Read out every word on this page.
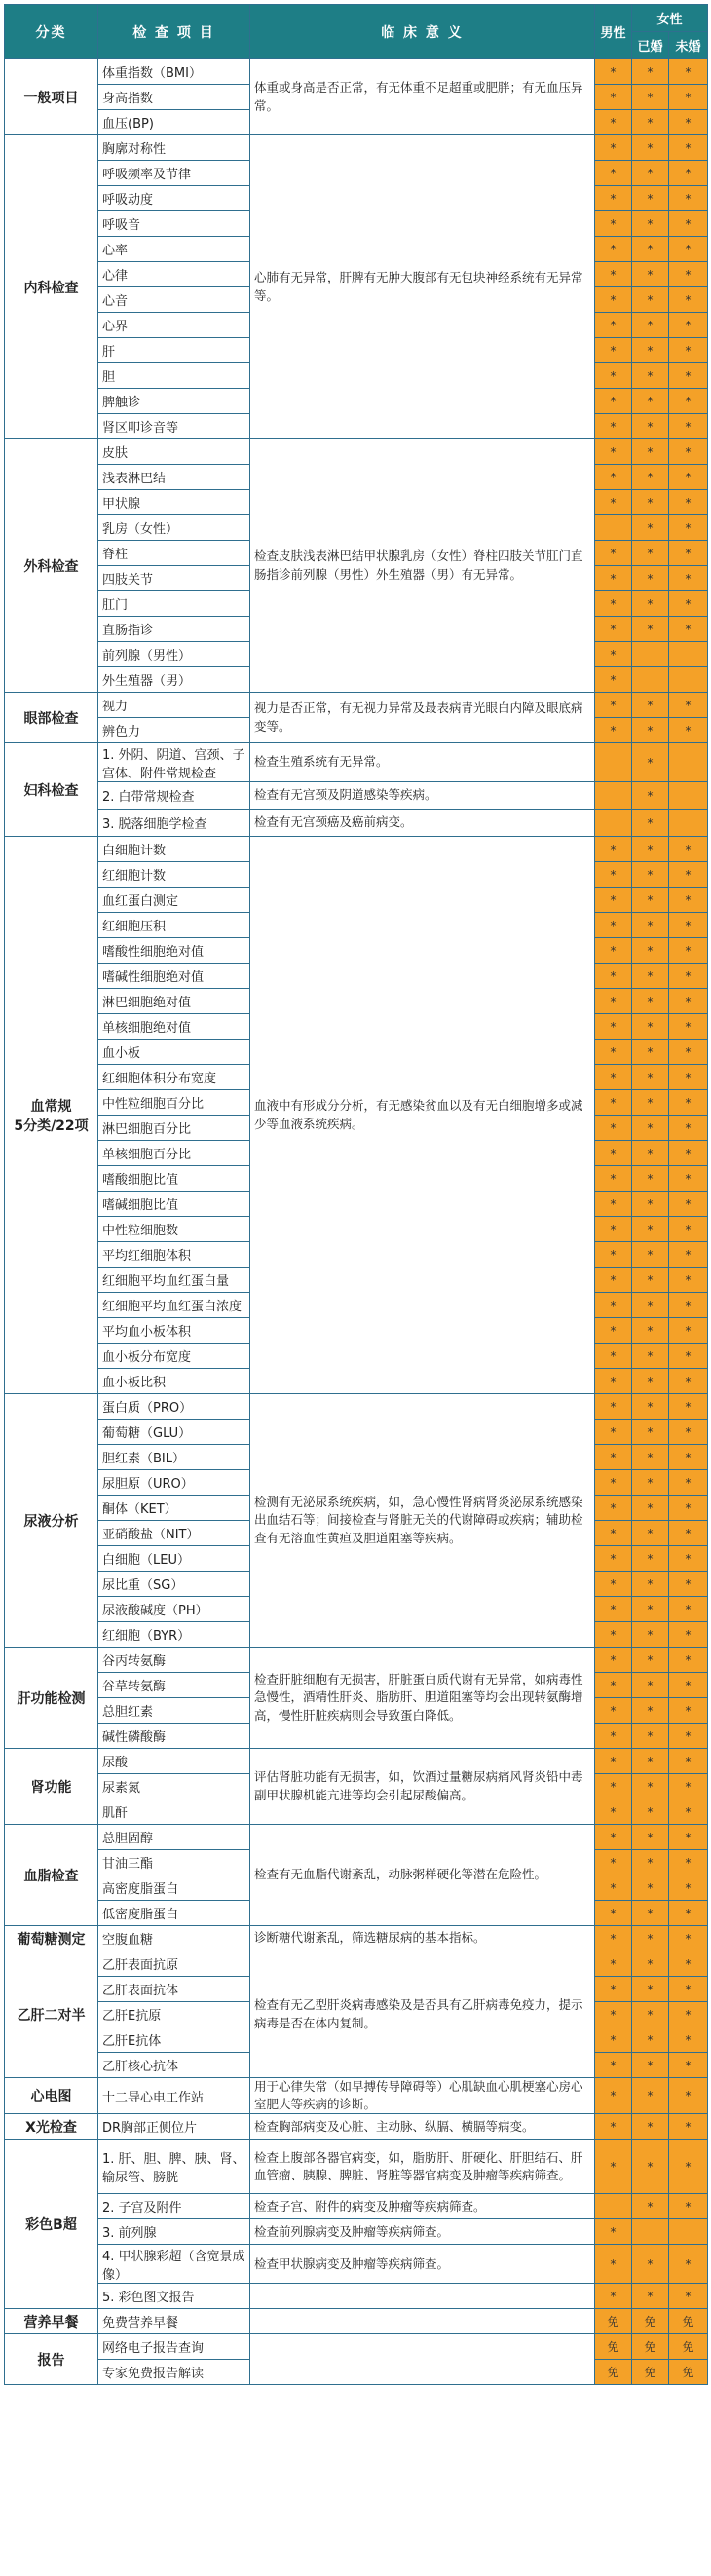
分类	检 查 项 目	临 床 意 义	男性	女性	
				已婚	未婚
一般项目	体重指数（BMI）	体重或身高是否正常，有无体重不足超重或肥胖；有无血压异常。	*	*	*
	身高指数		*	*	*
	血压(BP)		*	*	*
内科检查	胸廓对称性	心肺有无异常，肝脾有无肿大腹部有无包块神经系统有无异常等。	*	*	*
	呼吸频率及节律		*	*	*
	呼吸动度		*	*	*
	呼吸音		*	*	*
	心率		*	*	*
	心律		*	*	*
	心音		*	*	*
	心界		*	*	*
	肝		*	*	*
	胆		*	*	*
	脾触诊		*	*	*
	肾区叩诊音等		*	*	*
外科检查	皮肤	检查皮肤浅表淋巴结甲状腺乳房（女性）脊柱四肢关节肛门直肠指诊前列腺（男性）外生殖器（男）有无异常。	*	*	*
	浅表淋巴结		*	*	*
	甲状腺		*	*	*
	乳房（女性）			*	*
	脊柱		*	*	*
	四肢关节		*	*	*
	肛门		*	*	*
	直肠指诊		*	*	*
	前列腺（男性）		*		
	外生殖器（男）		*		
眼部检查	视力	视力是否正常，有无视力异常及最表病青光眼白内障及眼底病变等。	*	*	*
	辨色力		*	*	*
妇科检查	1. 外阴、阴道、宫颈、子宫体、附件常规检查	检查生殖系统有无异常。		*	
	2. 白带常规检查	检查有无宫颈及阴道感染等疾病。		*	
	3. 脱落细胞学检查	检查有无宫颈癌及癌前病变。		*	
血常规
5分类/22项	白细胞计数	血液中有形成分分析，有无感染贫血以及有无白细胞增多或减少等血液系统疾病。	*	*	*
	红细胞计数		*	*	*
	血红蛋白测定		*	*	*
	红细胞压积		*	*	*
	嗜酸性细胞绝对值		*	*	*
	嗜碱性细胞绝对值		*	*	*
	淋巴细胞绝对值		*	*	*
	单核细胞绝对值		*	*	*
	血小板		*	*	*
	红细胞体积分布宽度		*	*	*
	中性粒细胞百分比		*	*	*
	淋巴细胞百分比		*	*	*
	单核细胞百分比		*	*	*
	嗜酸细胞比值		*	*	*
	嗜碱细胞比值		*	*	*
	中性粒细胞数		*	*	*
	平均红细胞体积		*	*	*
	红细胞平均血红蛋白量		*	*	*
	红细胞平均血红蛋白浓度		*	*	*
	平均血小板体积		*	*	*
	血小板分布宽度		*	*	*
	血小板比积		*	*	*
尿液分析	蛋白质（PRO）	检测有无泌尿系统疾病，如，急心慢性肾病肾炎泌尿系统感染出血结石等；间接检查与肾脏无关的代谢障碍或疾病；辅助检查有无溶血性黄疸及胆道阻塞等疾病。	*	*	*
	葡萄糖（GLU）		*	*	*
	胆红素（BIL）		*	*	*
	尿胆原（URO）		*	*	*
	酮体（KET）		*	*	*
	亚硝酸盐（NIT）		*	*	*
	白细胞（LEU）		*	*	*
	尿比重（SG）		*	*	*
	尿液酸碱度（PH）		*	*	*
	红细胞（BYR）		*	*	*
肝功能检测	谷丙转氨酶	检查肝脏细胞有无损害，肝脏蛋白质代谢有无异常，如病毒性急慢性，酒精性肝炎、脂肪肝、胆道阻塞等均会出现转氨酶增高，慢性肝脏疾病则会导致蛋白降低。	*	*	*
	谷草转氨酶		*	*	*
	总胆红素		*	*	*
	碱性磷酸酶		*	*	*
肾功能	尿酸	评估肾脏功能有无损害，如，饮酒过量糖尿病痛风肾炎铅中毒副甲状腺机能亢进等均会引起尿酸偏高。	*	*	*
	尿素氮		*	*	*
	肌酐		*	*	*
血脂检查	总胆固醇	检查有无血脂代谢紊乱，动脉粥样硬化等潜在危险性。	*	*	*
	甘油三酯		*	*	*
	高密度脂蛋白		*	*	*
	低密度脂蛋白		*	*	*
葡萄糖测定	空腹血糖	诊断糖代谢紊乱，筛选糖尿病的基本指标。	*	*	*
乙肝二对半	乙肝表面抗原	检查有无乙型肝炎病毒感染及是否具有乙肝病毒免疫力，提示病毒是否在体内复制。	*	*	*
	乙肝表面抗体		*	*	*
	乙肝E抗原		*	*	*
	乙肝E抗体		*	*	*
	乙肝核心抗体		*	*	*
心电图	十二导心电工作站	用于心律失常（如早搏传导障碍等）心肌缺血心肌梗塞心房心室肥大等疾病的诊断。	*	*	*
X光检查	DR胸部正侧位片	检查胸部病变及心脏、主动脉、纵膈、横膈等病变。	*	*	*
彩色B超	1. 肝、胆、脾、胰、肾、输尿管、膀胱	检查上腹部各器官病变，如，脂肪肝、肝硬化、肝胆结石、肝血管瘤、胰腺、脾脏、肾脏等器官病变及肿瘤等疾病筛查。	*	*	*
	2. 子宫及附件	检查子宫、附件的病变及肿瘤等疾病筛查。		*	*
	3. 前列腺	检查前列腺病变及肿瘤等疾病筛查。	*		
	4. 甲状腺彩超（含宽景成像）	检查甲状腺病变及肿瘤等疾病筛查。	*	*	*
	5. 彩色图文报告		*	*	*
营养早餐	免费营养早餐		免	免	免
报告	网络电子报告查询		免	免	免
	专家免费报告解读		免	免	免
